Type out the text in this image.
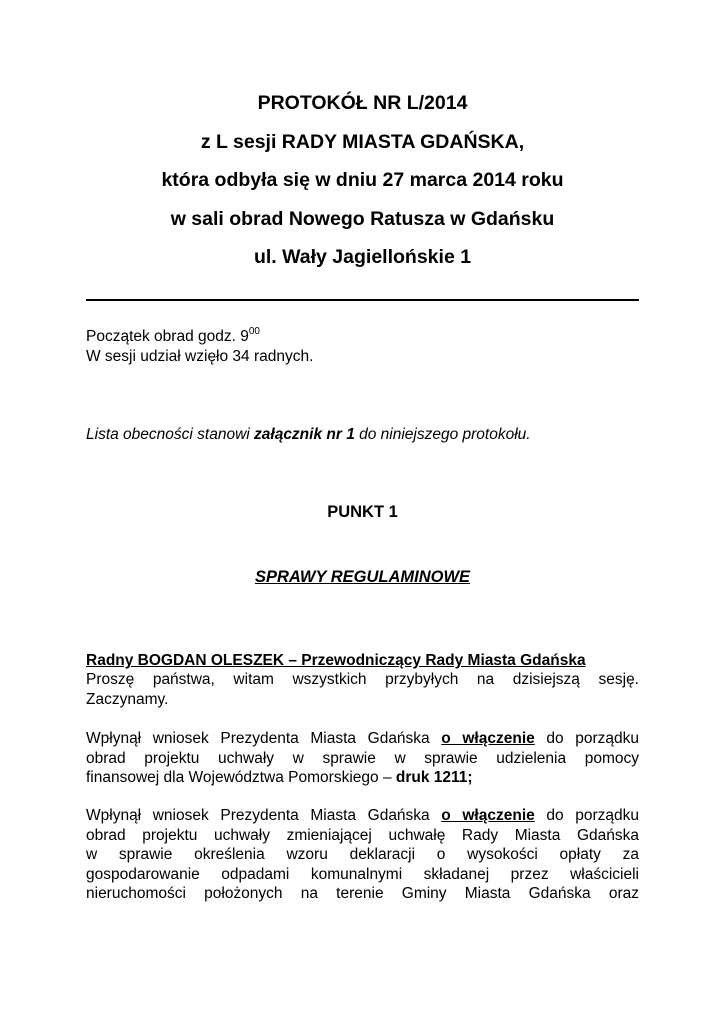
PROTOKÓŁ NR L/2014
z L sesji RADY MIASTA GDAŃSKA,
która odbyła się w dniu 27 marca 2014 roku
w sali obrad Nowego Ratusza w Gdańsku
ul. Wały Jagiellońskie 1
Początek obrad godz. $9^{00}$
W sesji udział wzięło 34 radnych.
Lista obecności stanowi załącznik nr 1 do niniejszego protokołu.
PUNKT 1
SPRAWY REGULAMINOWE
Radny BOGDAN OLESZEK – Przewodniczący Rady Miasta Gdańska
Proszę państwa, witam wszystkich przybyłych na dzisiejszą sesję.
Zaczynamy.
Wpłynął wniosek Prezydenta Miasta Gdańska o włączenie do porządku
obrad projektu uchwały w sprawie w sprawie udzielenia pomocy
finansowej dla Województwa Pomorskiego – druk 1211;
Wpłynął wniosek Prezydenta Miasta Gdańska o włączenie do porządku
obrad projektu uchwały zmieniającej uchwałę Rady Miasta Gdańska
w sprawie określenia wzoru deklaracji o wysokości opłaty za
gospodarowanie odpadami komunalnymi składanej przez właścicieli
nieruchomości położonych na terenie Gminy Miasta Gdańska oraz
